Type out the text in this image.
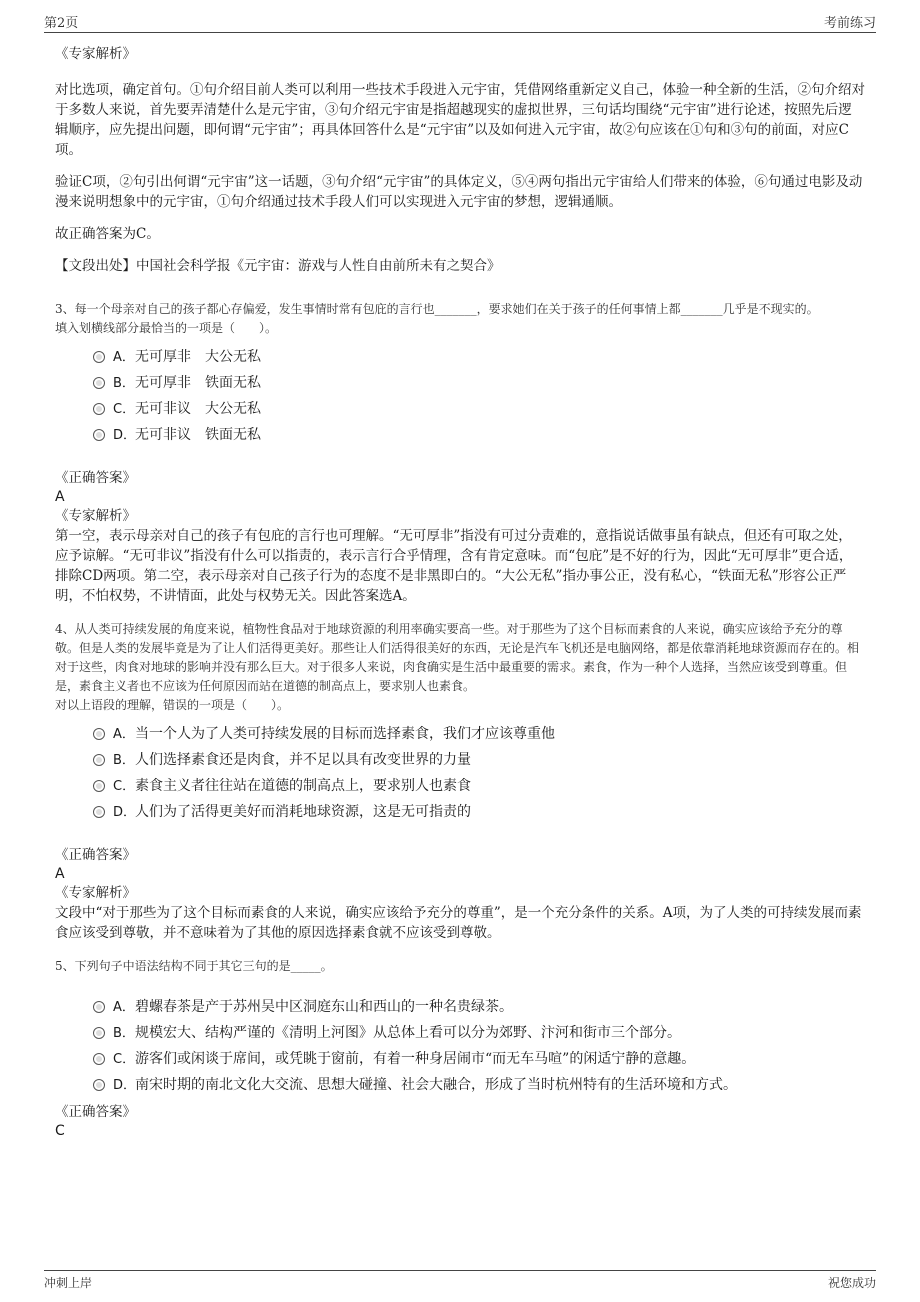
第2页	考前练习

《专家解析》

对比选项，确定首句。①句介绍目前人类可以利用一些技术手段进入元宇宙，凭借网络重新定义自己，体验一种全新的生活，②句介绍对于多数人来说，首先要弄清楚什么是元宇宙，③句介绍元宇宙是指超越现实的虚拟世界，三句话均围绕“元宇宙”进行论述，按照先后逻辑顺序，应先提出问题，即何谓“元宇宙”；再具体回答什么是“元宇宙”以及如何进入元宇宙，故②句应该在①句和③句的前面，对应C项。

验证C项，②句引出何谓“元宇宙”这一话题，③句介绍“元宇宙”的具体定义，⑤④两句指出元宇宙给人们带来的体验，⑥句通过电影及动漫来说明想象中的元宇宙，①句介绍通过技术手段人们可以实现进入元宇宙的梦想，逻辑通顺。

故正确答案为C。

【文段出处】中国社会科学报《元宇宙：游戏与人性自由前所未有之契合》

3、每一个母亲对自己的孩子都心存偏爱，发生事情时常有包庇的言行也_______，要求她们在关于孩子的任何事情上都_______几乎是不现实的。

填入划横线部分最恰当的一项是（　　）。

A．无可厚非　大公无私
B．无可厚非　铁面无私
C．无可非议　大公无私
D．无可非议　铁面无私

《正确答案》

A

《专家解析》

第一空，表示母亲对自己的孩子有包庇的言行也可理解。“无可厚非”指没有可过分责难的，意指说话做事虽有缺点，但还有可取之处，应予谅解。“无可非议”指没有什么可以指责的，表示言行合乎情理，含有肯定意味。而“包庇”是不好的行为，因此“无可厚非”更合适，排除CD两项。第二空，表示母亲对自己孩子行为的态度不是非黑即白的。“大公无私”指办事公正，没有私心，“铁面无私”形容公正严明，不怕权势，不讲情面，此处与权势无关。因此答案选A。

4、从人类可持续发展的角度来说，植物性食品对于地球资源的利用率确实要高一些。对于那些为了这个目标而素食的人来说，确实应该给予充分的尊敬。但是人类的发展毕竟是为了让人们活得更美好。那些让人们活得很美好的东西，无论是汽车飞机还是电脑网络，都是依靠消耗地球资源而存在的。相对于这些，肉食对地球的影响并没有那么巨大。对于很多人来说，肉食确实是生活中最重要的需求。素食，作为一种个人选择，当然应该受到尊重。但是，素食主义者也不应该为任何原因而站在道德的制高点上，要求别人也素食。

对以上语段的理解，错误的一项是（　　）。

A．当一个人为了人类可持续发展的目标而选择素食，我们才应该尊重他
B．人们选择素食还是肉食，并不足以具有改变世界的力量
C．素食主义者往往站在道德的制高点上，要求别人也素食
D．人们为了活得更美好而消耗地球资源，这是无可指责的

《正确答案》

A

《专家解析》

文段中“对于那些为了这个目标而素食的人来说，确实应该给予充分的尊重”，是一个充分条件的关系。A项，为了人类的可持续发展而素食应该受到尊敬，并不意味着为了其他的原因选择素食就不应该受到尊敬。

5、下列句子中语法结构不同于其它三句的是_____。

A．碧螺春茶是产于苏州吴中区洞庭东山和西山的一种名贵绿茶。
B．规模宏大、结构严谨的《清明上河图》从总体上看可以分为郊野、汴河和街市三个部分。
C．游客们或闲谈于席间，或凭眺于窗前，有着一种身居闹市“而无车马喧”的闲适宁静的意趣。
D．南宋时期的南北文化大交流、思想大碰撞、社会大融合，形成了当时杭州特有的生活环境和方式。

《正确答案》

C

冲刺上岸	祝您成功
